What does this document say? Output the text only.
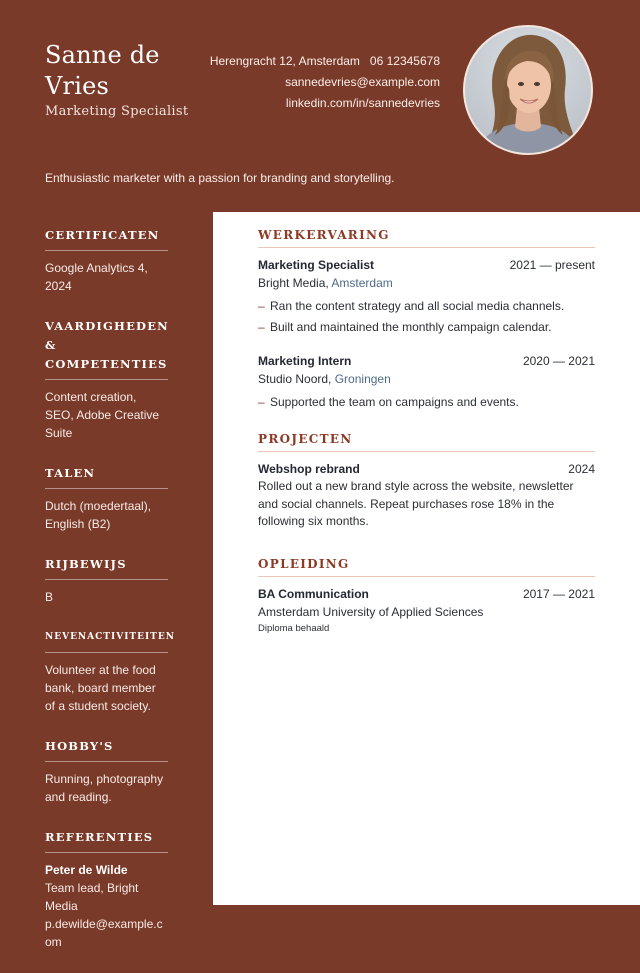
Sanne de Vries
Marketing Specialist
Herengracht 12, Amsterdam 06 12345678
sannedevries@example.com
linkedin.com/in/sannedevries
Enthusiastic marketer with a passion for branding and storytelling.
CERTIFICATEN
Google Analytics 4, 2024
VAARDIGHEDEN & COMPETENTIES
Content creation, SEO, Adobe Creative Suite
TALEN
Dutch (moedertaal), English (B2)
RIJBEWIJS
B
NEVENACTIVITEITEN
Volunteer at the food bank, board member of a student society.
HOBBY'S
Running, photography and reading.
REFERENTIES
Peter de Wilde
Team lead, Bright Media
p.dewilde@example.com
WERKERVARING
Marketing Specialist	2021 — present
Bright Media, Amsterdam
– Ran the content strategy and all social media channels.
– Built and maintained the monthly campaign calendar.
Marketing Intern	2020 — 2021
Studio Noord, Groningen
– Supported the team on campaigns and events.
PROJECTEN
Webshop rebrand	2024
Rolled out a new brand style across the website, newsletter and social channels. Repeat purchases rose 18% in the following six months.
OPLEIDING
BA Communication	2017 — 2021
Amsterdam University of Applied Sciences
Diploma behaald
